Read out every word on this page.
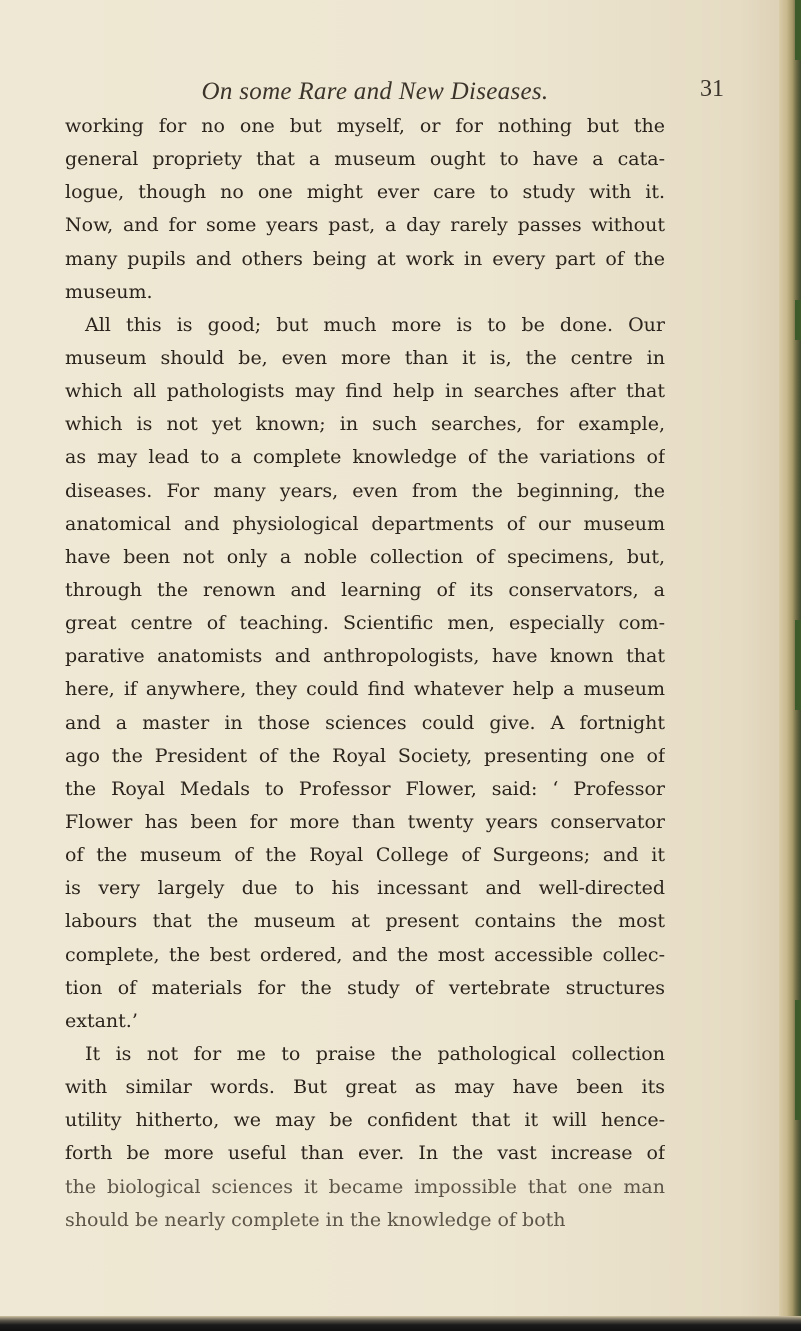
On some Rare and New Diseases.	31
working for no one but myself, or for nothing but the
general propriety that a museum ought to have a cata-
logue, though no one might ever care to study with it.
Now, and for some years past, a day rarely passes without
many pupils and others being at work in every part of the
museum.
All this is good; but much more is to be done. Our
museum should be, even more than it is, the centre in
which all pathologists may find help in searches after that
which is not yet known; in such searches, for example,
as may lead to a complete knowledge of the variations of
diseases. For many years, even from the beginning, the
anatomical and physiological departments of our museum
have been not only a noble collection of specimens, but,
through the renown and learning of its conservators, a
great centre of teaching. Scientific men, especially com-
parative anatomists and anthropologists, have known that
here, if anywhere, they could find whatever help a museum
and a master in those sciences could give. A fortnight
ago the President of the Royal Society, presenting one of
the Royal Medals to Professor Flower, said: ‘ Professor
Flower has been for more than twenty years conservator
of the museum of the Royal College of Surgeons; and it
is very largely due to his incessant and well-directed
labours that the museum at present contains the most
complete, the best ordered, and the most accessible collec-
tion of materials for the study of vertebrate structures
extant.’
It is not for me to praise the pathological collection
with similar words. But great as may have been its
utility hitherto, we may be confident that it will hence-
forth be more useful than ever. In the vast increase of
the biological sciences it became impossible that one man
should be nearly complete in the knowledge of both
